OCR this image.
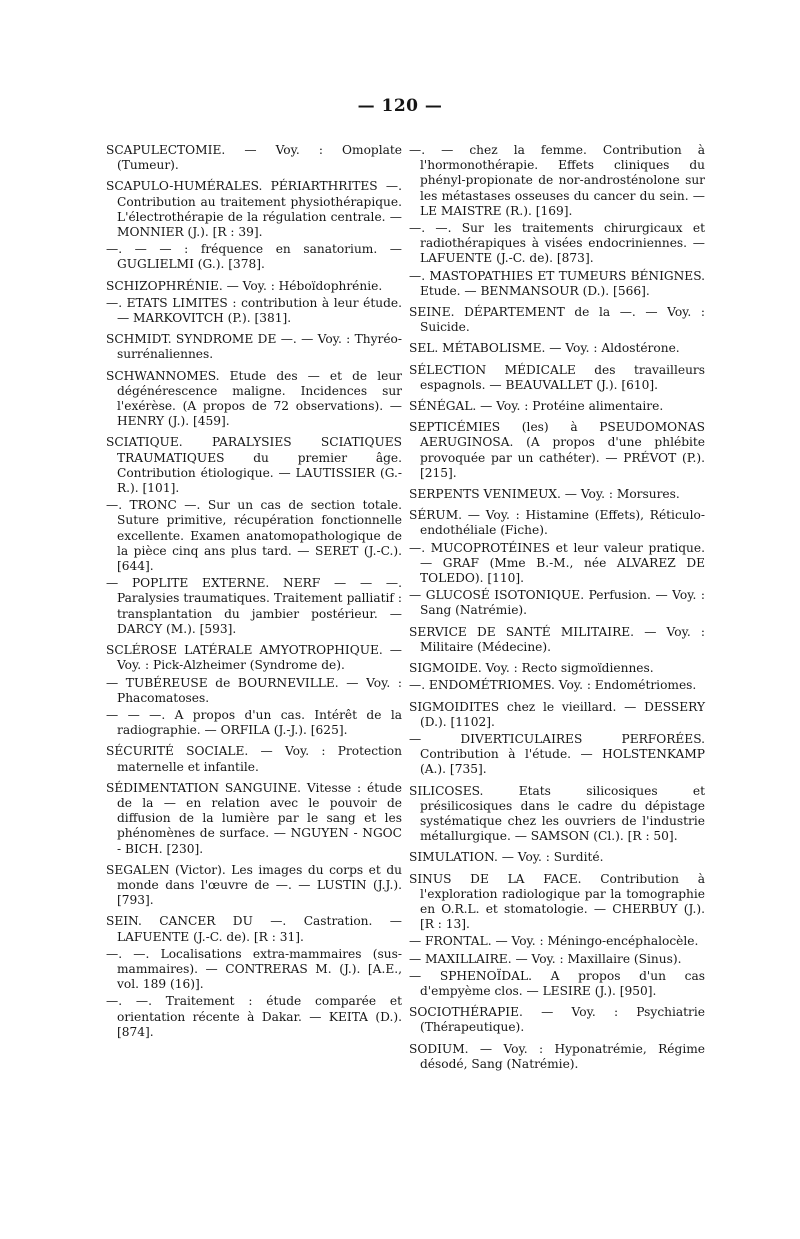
— 120 —

SCAPULECTOMIE. — Voy. : Omoplate (Tumeur).

SCAPULO-HUMÉRALES. PÉRIARTHRITES —. Contribution au traitement physiothérapique. L'électrothérapie de la régulation centrale. — MONNIER (J.). [R : 39].

—. — — : fréquence en sanatorium. — GUGLIELMI (G.). [378].

SCHIZOPHRÉNIE. — Voy. : Héboïdophrénie.

—. ETATS LIMITES : contribution à leur étude. — MARKOVITCH (P.). [381].

SCHMIDT. SYNDROME DE —. — Voy. : Thyréo-surrénaliennes.

SCHWANNOMES. Etude des — et de leur dégénérescence maligne. Incidences sur l'exérèse. (A propos de 72 observations). — HENRY (J.). [459].

SCIATIQUE. PARALYSIES SCIATIQUES TRAUMATIQUES du premier âge. Contribution étiologique. — LAUTISSIER (G.-R.). [101].

—. TRONC —. Sur un cas de section totale. Suture primitive, récupération fonctionnelle excellente. Examen anatomopathologique de la pièce cinq ans plus tard. — SERET (J.-C.). [644].

— POPLITE EXTERNE. NERF — — —. Paralysies traumatiques. Traitement palliatif : transplantation du jambier postérieur. — DARCY (M.). [593].

SCLÉROSE LATÉRALE AMYOTROPHIQUE. — Voy. : Pick-Alzheimer (Syndrome de).

— TUBÉREUSE de BOURNEVILLE. — Voy. : Phacomatoses.

— — —. A propos d'un cas. Intérêt de la radiographie. — ORFILA (J.-J.). [625].

SÉCURITÉ SOCIALE. — Voy. : Protection maternelle et infantile.

SÉDIMENTATION SANGUINE. Vitesse : étude de la — en relation avec le pouvoir de diffusion de la lumière par le sang et les phénomènes de surface. — NGUYEN - NGOC - BICH. [230].

SEGALEN (Victor). Les images du corps et du monde dans l'œuvre de —. — LUSTIN (J.J.). [793].

SEIN. CANCER DU —. Castration. — LAFUENTE (J.-C. de). [R : 31].

—. —. Localisations extra-mammaires (sus-mammaires). — CONTRERAS M. (J.). [A.E., vol. 189 (16)].

—. —. Traitement : étude comparée et orientation récente à Dakar. — KEITA (D.). [874].

—. — chez la femme. Contribution à l'hormonothérapie. Effets cliniques du phényl-propionate de nor-androsténolone sur les métastases osseuses du cancer du sein. — LE MAISTRE (R.). [169].

—. —. Sur les traitements chirurgicaux et radiothérapiques à visées endocriniennes. — LAFUENTE (J.-C. de). [873].

—. MASTOPATHIES ET TUMEURS BÉNIGNES. Etude. — BENMANSOUR (D.). [566].

SEINE. DÉPARTEMENT de la —. — Voy. : Suicide.

SEL. MÉTABOLISME. — Voy. : Aldostérone.

SÉLECTION MÉDICALE des travailleurs espagnols. — BEAUVALLET (J.). [610].

SÉNÉGAL. — Voy. : Protéine alimentaire.

SEPTICÉMIES (les) à PSEUDOMONAS AERUGINOSA. (A propos d'une phlébite provoquée par un cathéter). — PRÉVOT (P.). [215].

SERPENTS VENIMEUX. — Voy. : Morsures.

SÉRUM. — Voy. : Histamine (Effets), Réticulo-endothéliale (Fiche).

—. MUCOPROTÉINES et leur valeur pratique. — GRAF (Mme B.-M., née ALVAREZ DE TOLEDO). [110].

— GLUCOSÉ ISOTONIQUE. Perfusion. — Voy. : Sang (Natrémie).

SERVICE DE SANTÉ MILITAIRE. — Voy. : Militaire (Médecine).

SIGMOIDE. Voy. : Recto sigmoïdiennes.

—. ENDOMÉTRIOMES. Voy. : Endométriomes.

SIGMOIDITES chez le vieillard. — DESSERY (D.). [1102].

— DIVERTICULAIRES PERFORÉES. Contribution à l'étude. — HOLSTENKAMP (A.). [735].

SILICOSES. Etats silicosiques et présilicosiques dans le cadre du dépistage systématique chez les ouvriers de l'industrie métallurgique. — SAMSON (Cl.). [R : 50].

SIMULATION. — Voy. : Surdité.

SINUS DE LA FACE. Contribution à l'exploration radiologique par la tomographie en O.R.L. et stomatologie. — CHERBUY (J.). [R : 13].

— FRONTAL. — Voy. : Méningo-encéphalocèle.

— MAXILLAIRE. — Voy. : Maxillaire (Sinus).

— SPHENOÏDAL. A propos d'un cas d'empyème clos. — LESIRE (J.). [950].

SOCIOTHÉRAPIE. — Voy. : Psychiatrie (Thérapeutique).

SODIUM. — Voy. : Hyponatrémie, Régime désodé, Sang (Natrémie).
